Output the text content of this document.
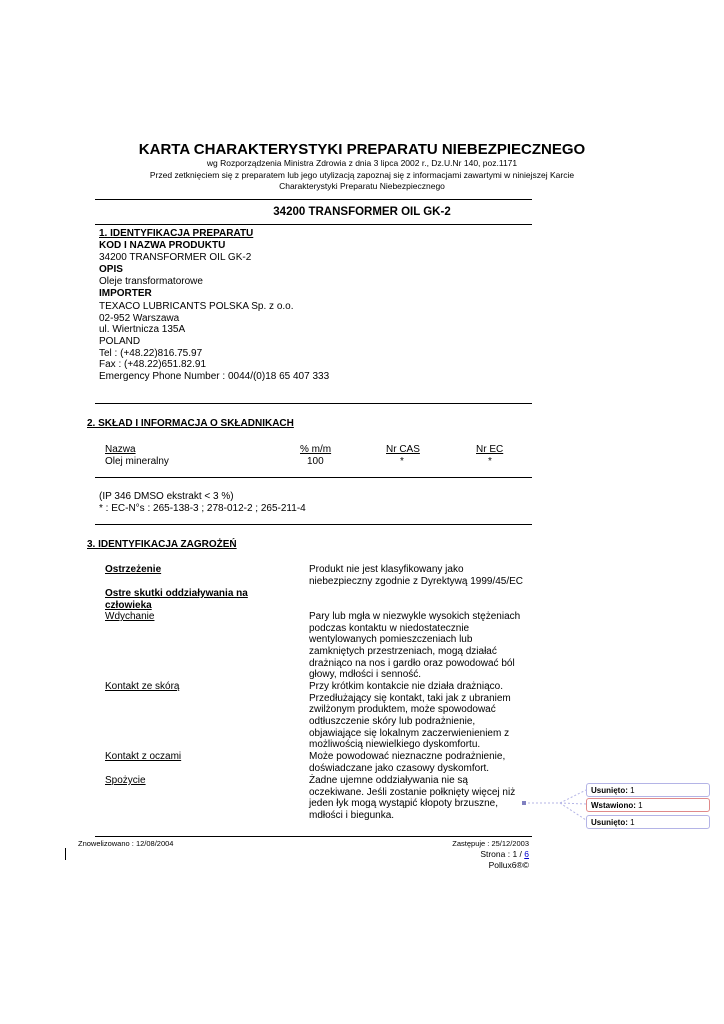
KARTA CHARAKTERYSTYKI PREPARATU NIEBEZPIECZNEGO
wg Rozporządzenia Ministra Zdrowia z dnia 3 lipca 2002 r., Dz.U.Nr 140, poz.1171
Przed zetknięciem się z preparatem lub jego utylizacją zapoznaj się z informacjami zawartymi w niniejszej Karcie
Charakterystyki Preparatu Niebezpiecznego
34200 TRANSFORMER OIL GK-2
1. IDENTYFIKACJA PREPARATU
KOD I NAZWA PRODUKTU
34200 TRANSFORMER OIL GK-2
OPIS
Oleje transformatorowe
IMPORTER
TEXACO LUBRICANTS POLSKA Sp. z o.o.
02-952 Warszawa
ul. Wiertnicza 135A
POLAND
Tel : (+48.22)816.75.97
Fax : (+48.22)651.82.91
Emergency Phone Number : 0044/(0)18 65 407 333
2. SKŁAD I INFORMACJA O SKŁADNIKACH
Nazwa	% m/m	Nr CAS	Nr EC
Olej mineralny	100	*	*
(IP 346 DMSO ekstrakt < 3 %)
* : EC-N°s : 265-138-3 ; 278-012-2 ; 265-211-4
3. IDENTYFIKACJA ZAGROŻEŃ
Ostrzeżenie	Produkt nie jest klasyfikowany jako
niebezpieczny zgodnie z Dyrektywą 1999/45/EC
Ostre skutki oddziaływania na
człowieka
Wdychanie	Pary lub mgła w niezwykle wysokich stężeniach
podczas kontaktu w niedostatecznie
wentylowanych pomieszczeniach lub
zamkniętych przestrzeniach, mogą działać
drażniąco na nos i gardło oraz powodować ból
głowy, mdłości i senność.
Kontakt ze skórą	Przy krótkim kontakcie nie działa drażniąco.
Przedłużający się kontakt, taki jak z ubraniem
zwilżonym produktem, może spowodować
odtłuszczenie skóry lub podrażnienie,
objawiające się lokalnym zaczerwienieniem z
możliwością niewielkiego dyskomfortu.
Kontakt z oczami	Może powodować nieznaczne podrażnienie,
doświadczane jako czasowy dyskomfort.
Spożycie	Żadne ujemne oddziaływania nie są
oczekiwane. Jeśli zostanie połknięty więcej niż
jeden łyk mogą wystąpić kłopoty brzuszne,
mdłości i biegunka.
Znowelizowano : 12/08/2004	Zastępuje : 25/12/2003
Strona : 1 / 6
Pollux6®©
Usunięto: 1
Wstawiono: 1
Usunięto: 1
